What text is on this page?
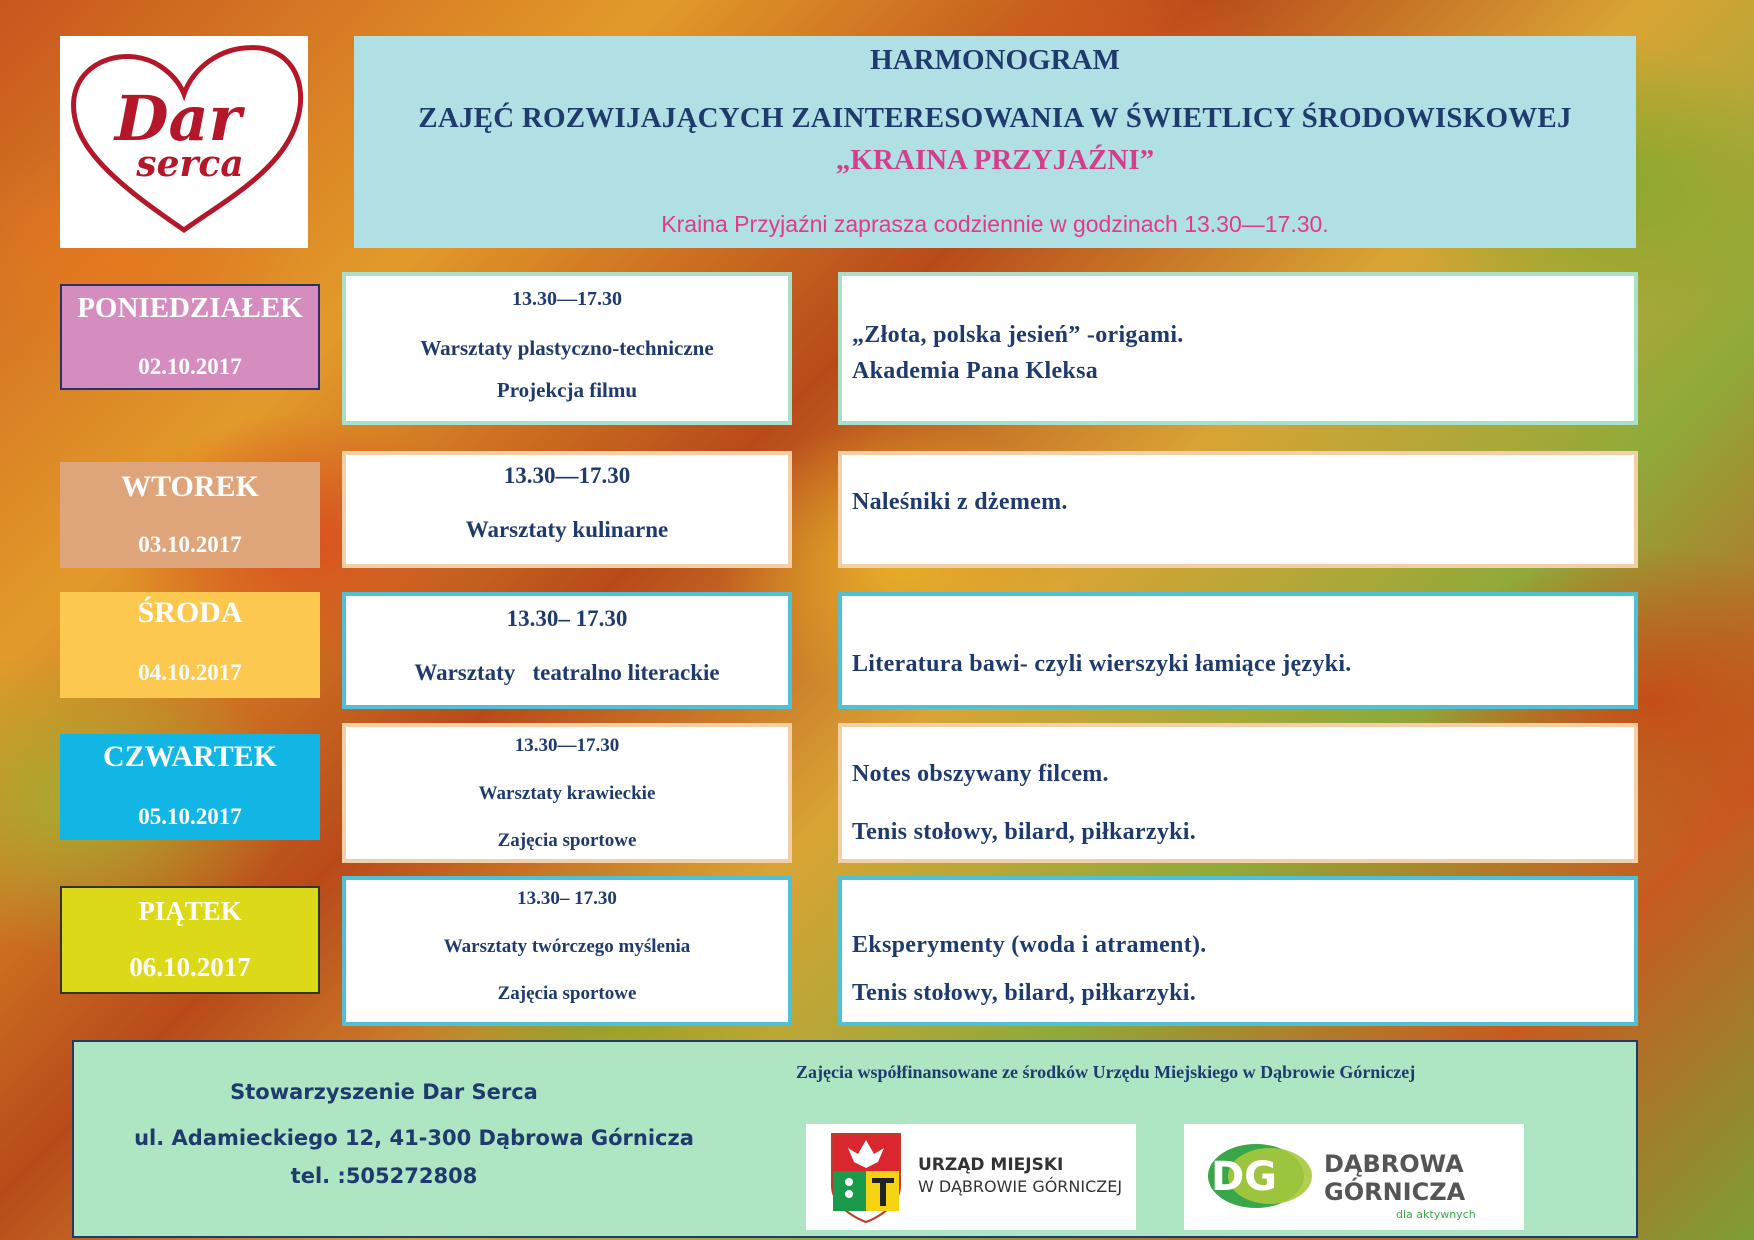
Dar
serca
HARMONOGRAM
ZAJĘĆ ROZWIJAJĄCYCH ZAINTERESOWANIA W ŚWIETLICY ŚRODOWISKOWEJ
„KRAINA PRZYJAŹNI”
Kraina Przyjaźni zaprasza codziennie w godzinach 13.30—17.30.
PONIEDZIAŁEK
02.10.2017
13.30—17.30
Warsztaty plastyczno-techniczne
Projekcja filmu
„Złota, polska jesień” -origami.
Akademia Pana Kleksa
WTOREK
03.10.2017
13.30—17.30
Warsztaty kulinarne
Naleśniki z dżemem.
ŚRODA
04.10.2017
13.30– 17.30
Warsztaty   teatralno literackie	Literatura bawi- czyli wierszyki łamiące języki.
CZWARTEK
05.10.2017
13.30—17.30
Warsztaty krawieckie
Zajęcia sportowe
Notes obszywany filcem.
Tenis stołowy, bilard, piłkarzyki.
PIĄTEK
06.10.2017
13.30– 17.30
Warsztaty twórczego myślenia
Zajęcia sportowe
Eksperymenty (woda i atrament).
Tenis stołowy, bilard, piłkarzyki.
Stowarzyszenie Dar Serca
ul. Adamieckiego 12, 41-300 Dąbrowa Górnicza
tel. :505272808
Zajęcia współfinansowane ze środków Urzędu Miejskiego w Dąbrowie Górniczej
URZĄD MIEJSKI
W DĄBROWIE GÓRNICZEJ DG DĄBROWA
GÓRNICZA
dla aktywnych
